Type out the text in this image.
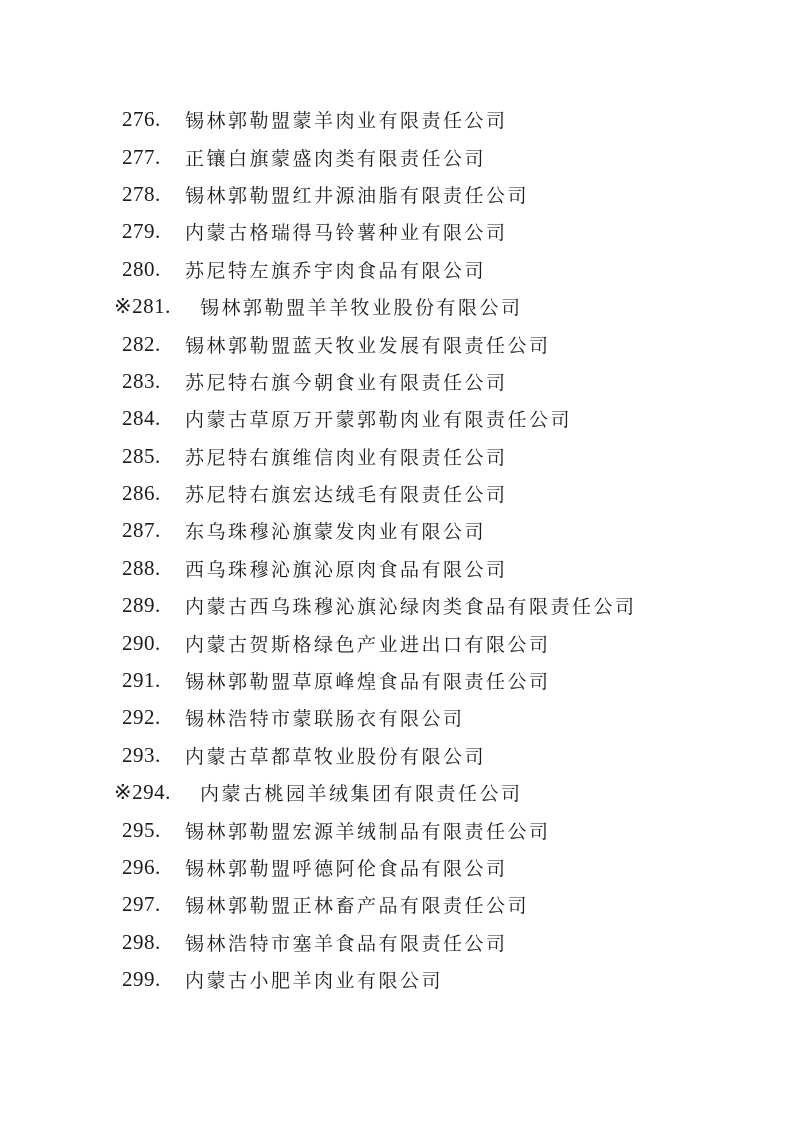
276.	锡林郭勒盟蒙羊肉业有限责任公司
277.	正镶白旗蒙盛肉类有限责任公司
278.	锡林郭勒盟红井源油脂有限责任公司
279.	内蒙古格瑞得马铃薯种业有限公司
280.	苏尼特左旗乔宇肉食品有限公司
※281.	锡林郭勒盟羊羊牧业股份有限公司
282.	锡林郭勒盟蓝天牧业发展有限责任公司
283.	苏尼特右旗今朝食业有限责任公司
284.	内蒙古草原万开蒙郭勒肉业有限责任公司
285.	苏尼特右旗维信肉业有限责任公司
286.	苏尼特右旗宏达绒毛有限责任公司
287.	东乌珠穆沁旗蒙发肉业有限公司
288.	西乌珠穆沁旗沁原肉食品有限公司
289.	内蒙古西乌珠穆沁旗沁绿肉类食品有限责任公司
290.	内蒙古贺斯格绿色产业进出口有限公司
291.	锡林郭勒盟草原峰煌食品有限责任公司
292.	锡林浩特市蒙联肠衣有限公司
293.	内蒙古草都草牧业股份有限公司
※294.	内蒙古桃园羊绒集团有限责任公司
295.	锡林郭勒盟宏源羊绒制品有限责任公司
296.	锡林郭勒盟呼德阿伦食品有限公司
297.	锡林郭勒盟正林畜产品有限责任公司
298.	锡林浩特市塞羊食品有限责任公司
299.	内蒙古小肥羊肉业有限公司
